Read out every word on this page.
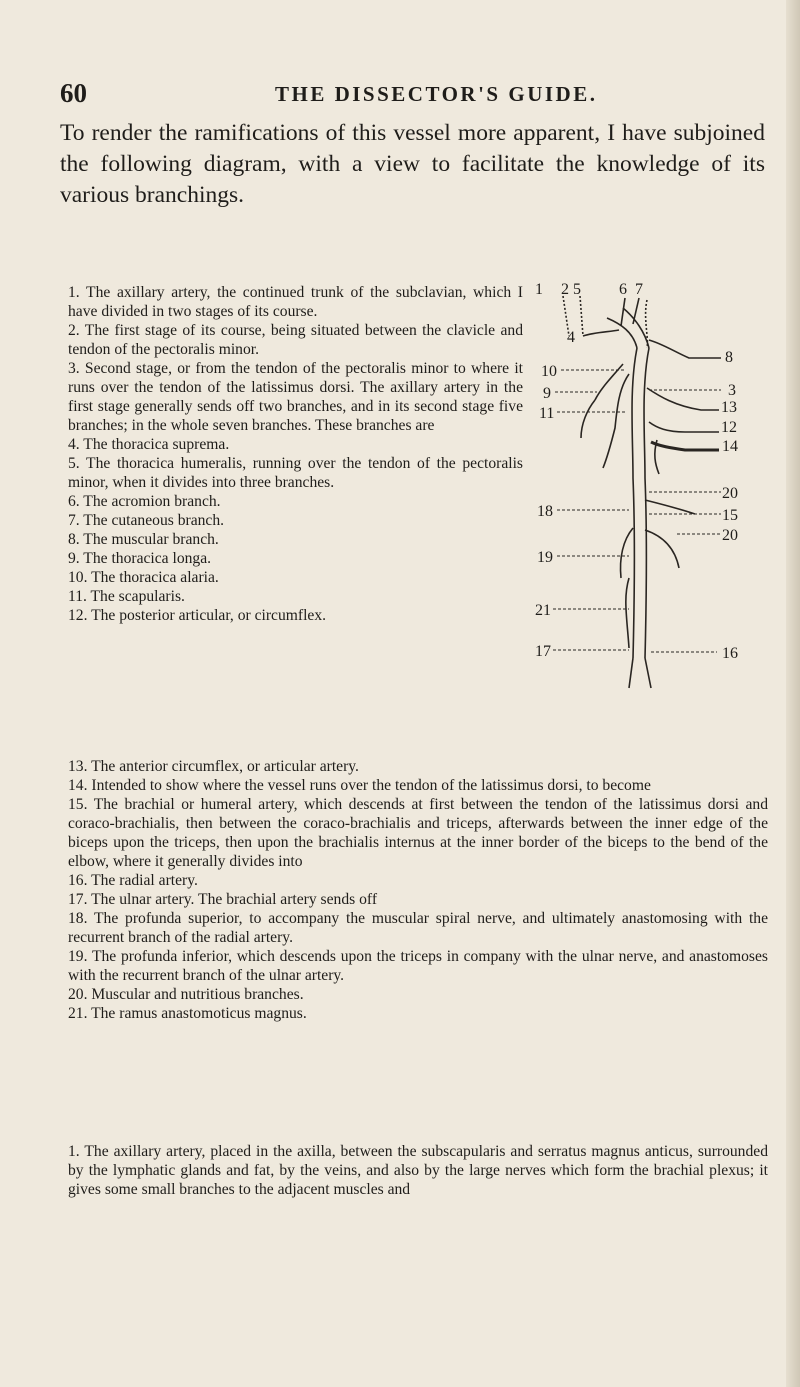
60	THE DISSECTOR'S GUIDE.

To render the ramifications of this vessel more apparent, I have subjoined the following diagram, with a view to facilitate the knowledge of its various branchings.

1. The axillary artery, the continued trunk of the subclavian, which I have divided in two stages of its course.

2. The first stage of its course, being situated between the clavicle and tendon of the pectoralis minor.

3. Second stage, or from the tendon of the pectoralis minor to where it runs over the tendon of the latissimus dorsi. The axillary artery in the first stage generally sends off two branches, and in its second stage five branches; in the whole seven branches. These branches are

4. The thoracica suprema.

5. The thoracica humeralis, running over the tendon of the pectoralis minor, when it divides into three branches.

6. The acromion branch.

7. The cutaneous branch.

8. The muscular branch.

9. The thoracica longa.

10. The thoracica alaria.

11. The scapularis.

12. The posterior articular, or circumflex.

13. The anterior circumflex, or articular artery.

14. Intended to show where the vessel runs over the tendon of the latissimus dorsi, to become

15. The brachial or humeral artery, which descends at first between the tendon of the latissimus dorsi and coraco-brachialis, then between the coraco-brachialis and triceps, afterwards between the inner edge of the biceps upon the triceps, then upon the brachialis internus at the inner border of the biceps to the bend of the elbow, where it generally divides into

16. The radial artery.

17. The ulnar artery. The brachial artery sends off

18. The profunda superior, to accompany the muscular spiral nerve, and ultimately anastomosing with the recurrent branch of the radial artery.

19. The profunda inferior, which descends upon the triceps in company with the ulnar nerve, and anastomoses with the recurrent branch of the ulnar artery.

20. Muscular and nutritious branches.

21. The ramus anastomoticus magnus.

1. The axillary artery, placed in the axilla, between the subscapularis and serratus magnus anticus, surrounded by the lymphatic glands and fat, by the veins, and also by the large nerves which form the brachial plexus; it gives some small branches to the adjacent muscles and

1 2 5 6 7
4
10
9
11
18
19
21
17
8
3
13
12
14
20
15
20
16
